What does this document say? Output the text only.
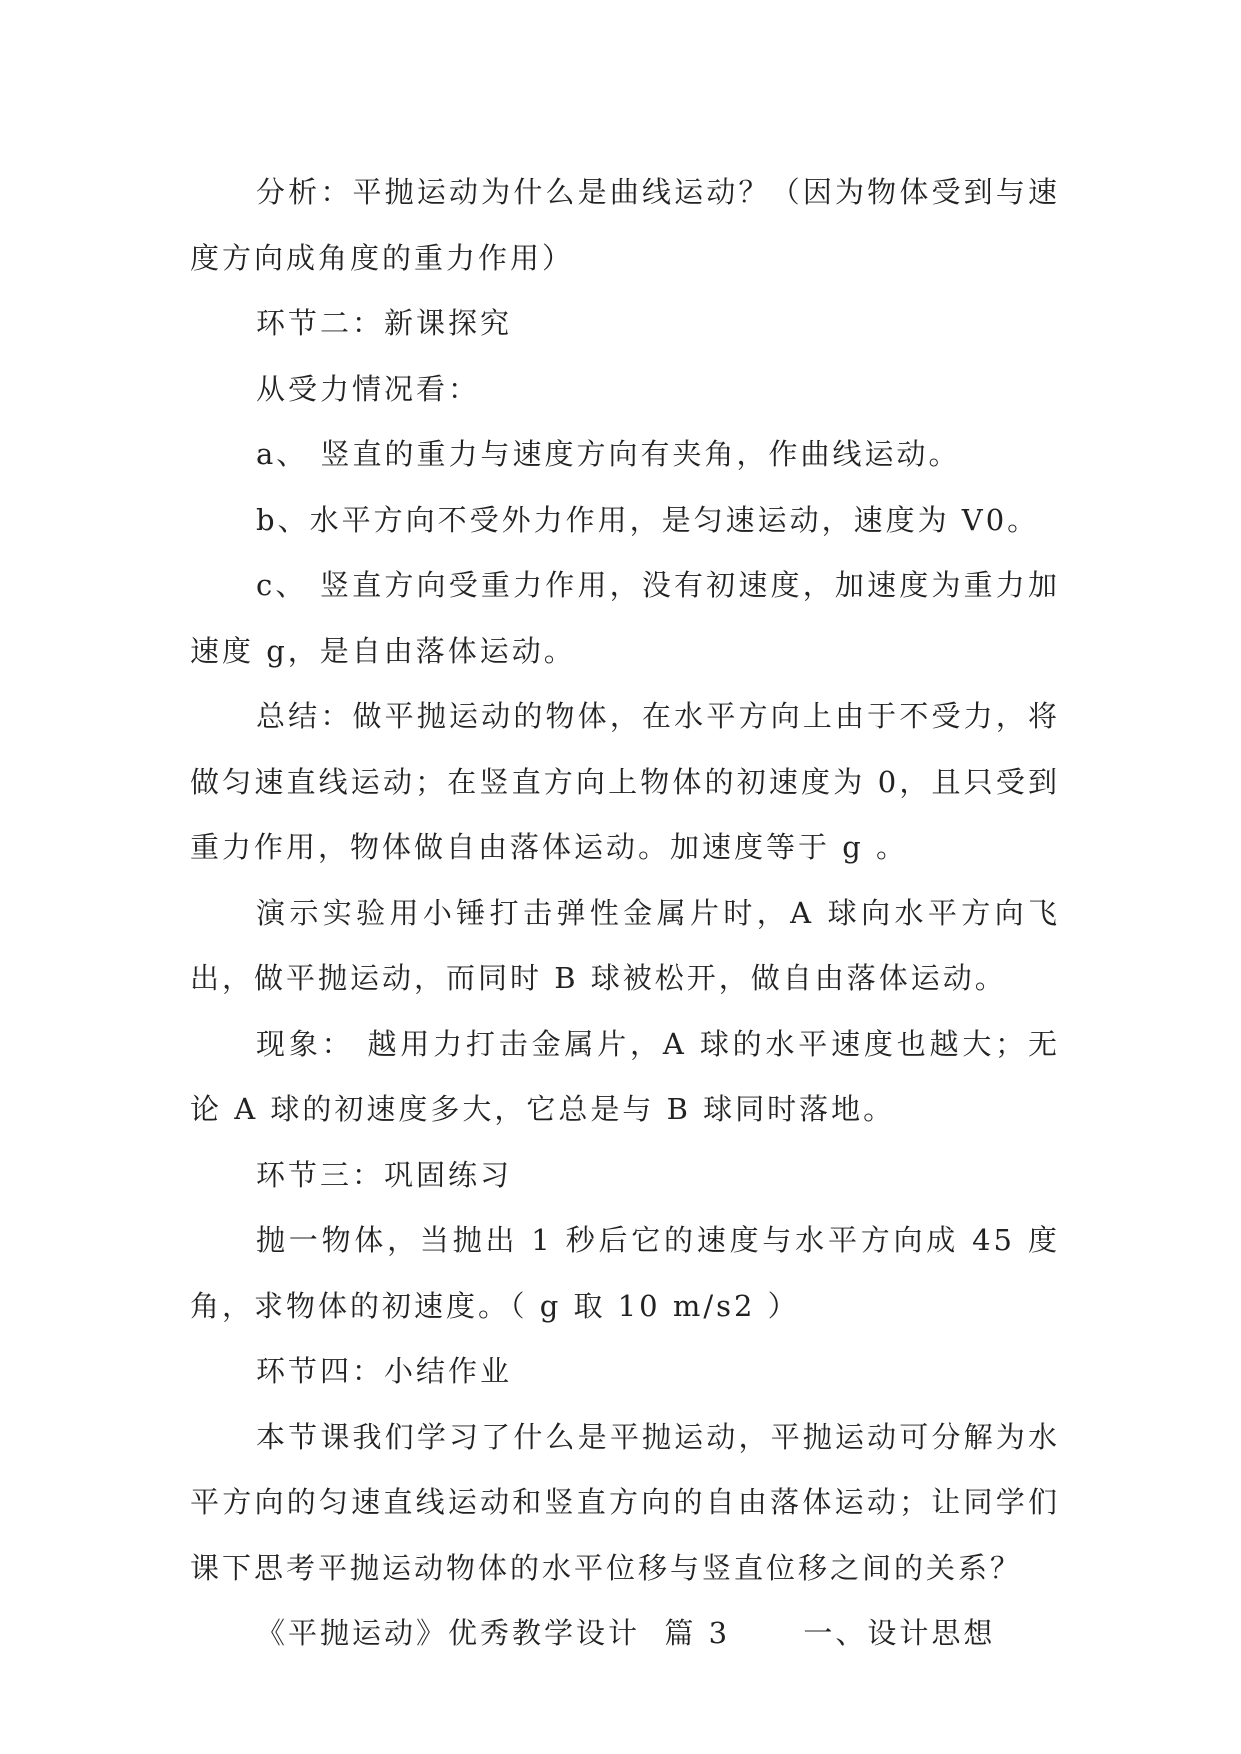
分析：平抛运动为什么是曲线运动？（因为物体受到与速度方向成角度的重力作用）

环节二：新课探究

从受力情况看：

a、 竖直的重力与速度方向有夹角，作曲线运动。

b、水平方向不受外力作用，是匀速运动，速度为 V0。

c、 竖直方向受重力作用，没有初速度，加速度为重力加速度 g，是自由落体运动。

总结：做平抛运动的物体，在水平方向上由于不受力，将做匀速直线运动；在竖直方向上物体的初速度为 0，且只受到重力作用，物体做自由落体运动。加速度等于 g 。

演示实验用小锤打击弹性金属片时，A 球向水平方向飞出，做平抛运动，而同时 B 球被松开，做自由落体运动。

现象： 越用力打击金属片，A 球的水平速度也越大；无论 A 球的初速度多大，它总是与 B 球同时落地。

环节三：巩固练习

抛一物体，当抛出 1 秒后它的速度与水平方向成 45 度角，求物体的初速度。（ g 取 10 m/s2 ）

环节四：小结作业

本节课我们学习了什么是平抛运动，平抛运动可分解为水平方向的匀速直线运动和竖直方向的自由落体运动；让同学们课下思考平抛运动物体的水平位移与竖直位移之间的关系？

《平抛运动》优秀教学设计  篇 3      一、设计思想
